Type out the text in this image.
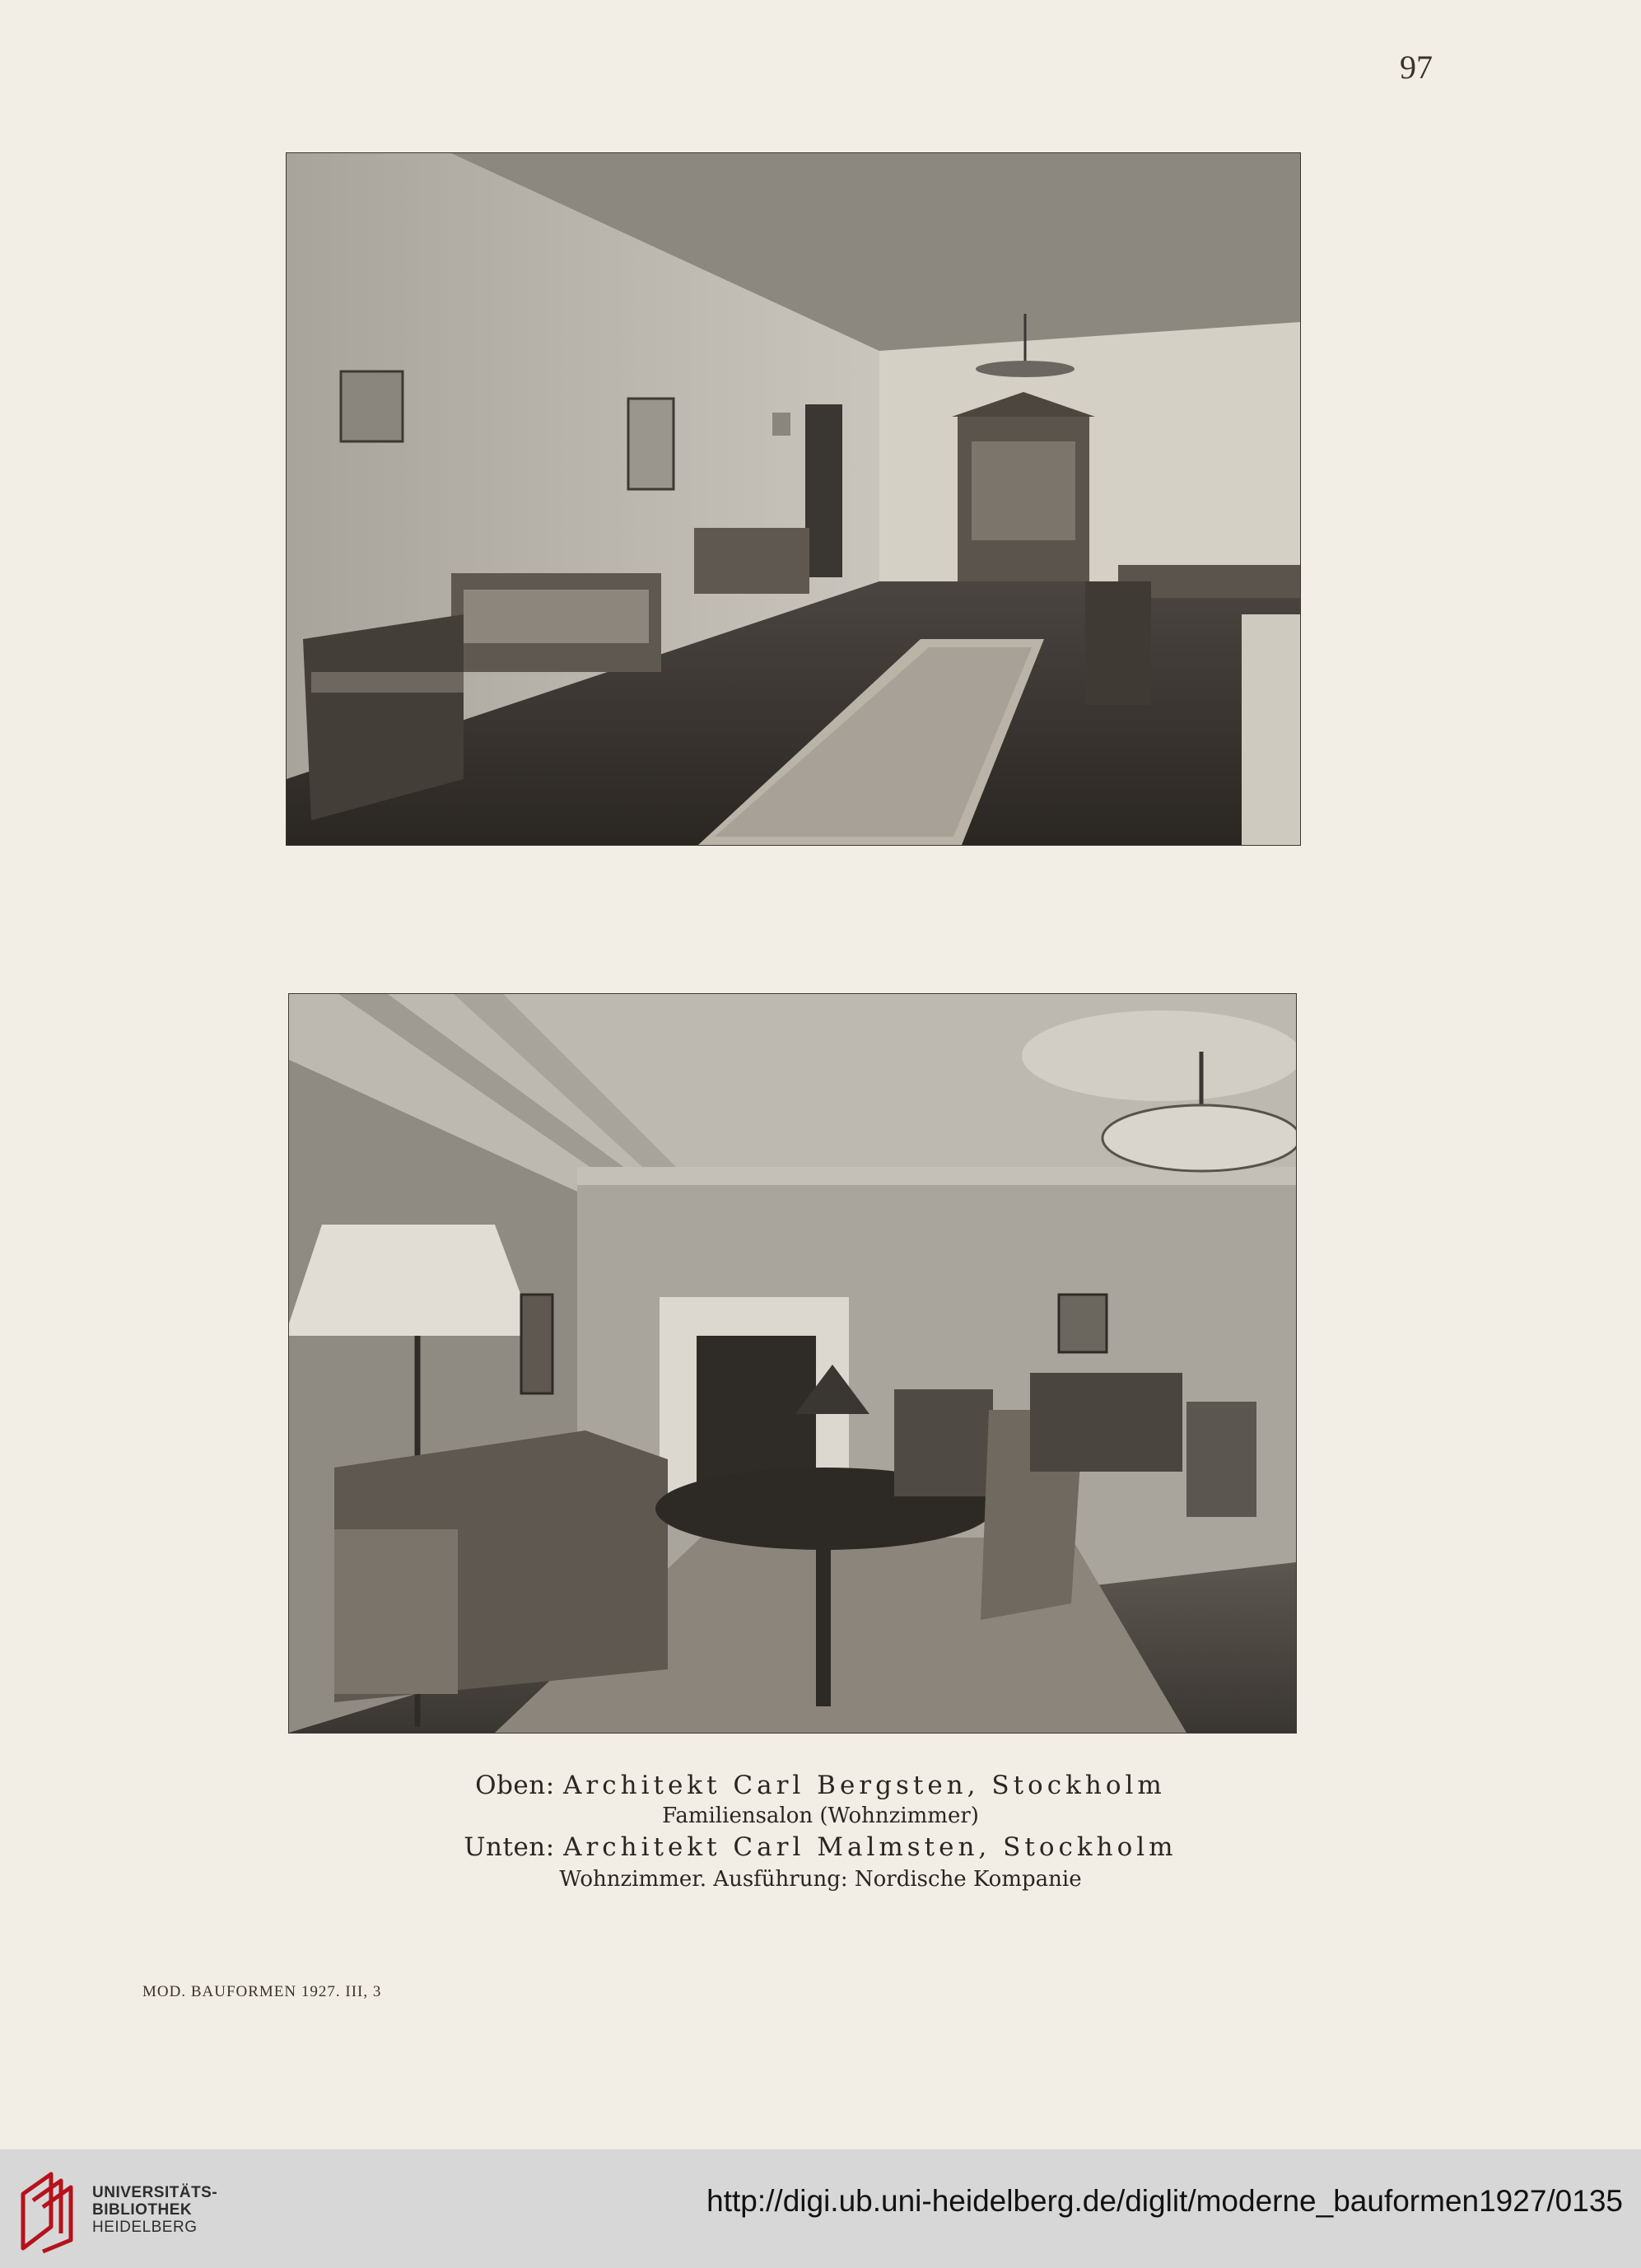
97
Oben: Architekt Carl Bergsten, Stockholm
Familiensalon (Wohnzimmer)
Unten: Architekt Carl Malmsten, Stockholm
Wohnzimmer. Ausführung: Nordische Kompanie
MOD. BAUFORMEN 1927. III, 3
UNIVERSITÄTS-
BIBLIOTHEK
HEIDELBERG
http://digi.ub.uni-heidelberg.de/diglit/moderne_bauformen1927/0135
